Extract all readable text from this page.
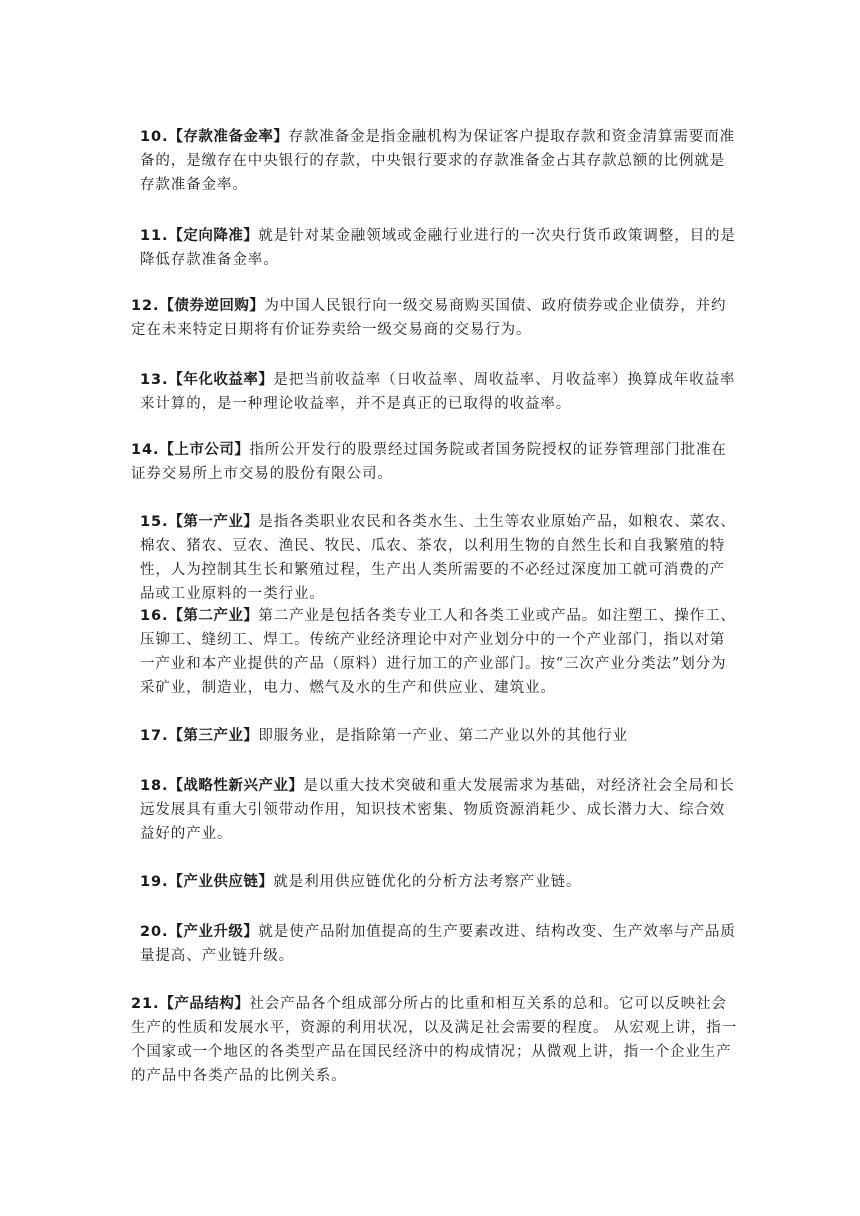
10.【存款准备金率】存款准备金是指金融机构为保证客户提取存款和资金清算需要而准备的，是缴存在中央银行的存款，中央银行要求的存款准备金占其存款总额的比例就是存款准备金率。

11.【定向降准】就是针对某金融领域或金融行业进行的一次央行货币政策调整，目的是降低存款准备金率。

12.【债券逆回购】为中国人民银行向一级交易商购买国债、政府债券或企业债券，并约定在未来特定日期将有价证券卖给一级交易商的交易行为。

13.【年化收益率】是把当前收益率（日收益率、周收益率、月收益率）换算成年收益率来计算的，是一种理论收益率，并不是真正的已取得的收益率。

14.【上市公司】指所公开发行的股票经过国务院或者国务院授权的证券管理部门批准在证券交易所上市交易的股份有限公司。

15.【第一产业】是指各类职业农民和各类水生、土生等农业原始产品，如粮农、菜农、棉农、猪农、豆农、渔民、牧民、瓜农、茶农，以利用生物的自然生长和自我繁殖的特性，人为控制其生长和繁殖过程，生产出人类所需要的不必经过深度加工就可消费的产品或工业原料的一类行业。

16.【第二产业】第二产业是包括各类专业工人和各类工业或产品。如注塑工、操作工、压铆工、缝纫工、焊工。传统产业经济理论中对产业划分中的一个产业部门，指以对第一产业和本产业提供的产品（原料）进行加工的产业部门。按“三次产业分类法”划分为采矿业，制造业，电力、燃气及水的生产和供应业、建筑业。

17.【第三产业】即服务业，是指除第一产业、第二产业以外的其他行业

18.【战略性新兴产业】是以重大技术突破和重大发展需求为基础，对经济社会全局和长远发展具有重大引领带动作用，知识技术密集、物质资源消耗少、成长潜力大、综合效益好的产业。

19.【产业供应链】就是利用供应链优化的分析方法考察产业链。

20.【产业升级】就是使产品附加值提高的生产要素改进、结构改变、生产效率与产品质量提高、产业链升级。

21.【产品结构】社会产品各个组成部分所占的比重和相互关系的总和。它可以反映社会生产的性质和发展水平，资源的利用状况，以及满足社会需要的程度。 从宏观上讲，指一个国家或一个地区的各类型产品在国民经济中的构成情况；从微观上讲，指一个企业生产的产品中各类产品的比例关系。
